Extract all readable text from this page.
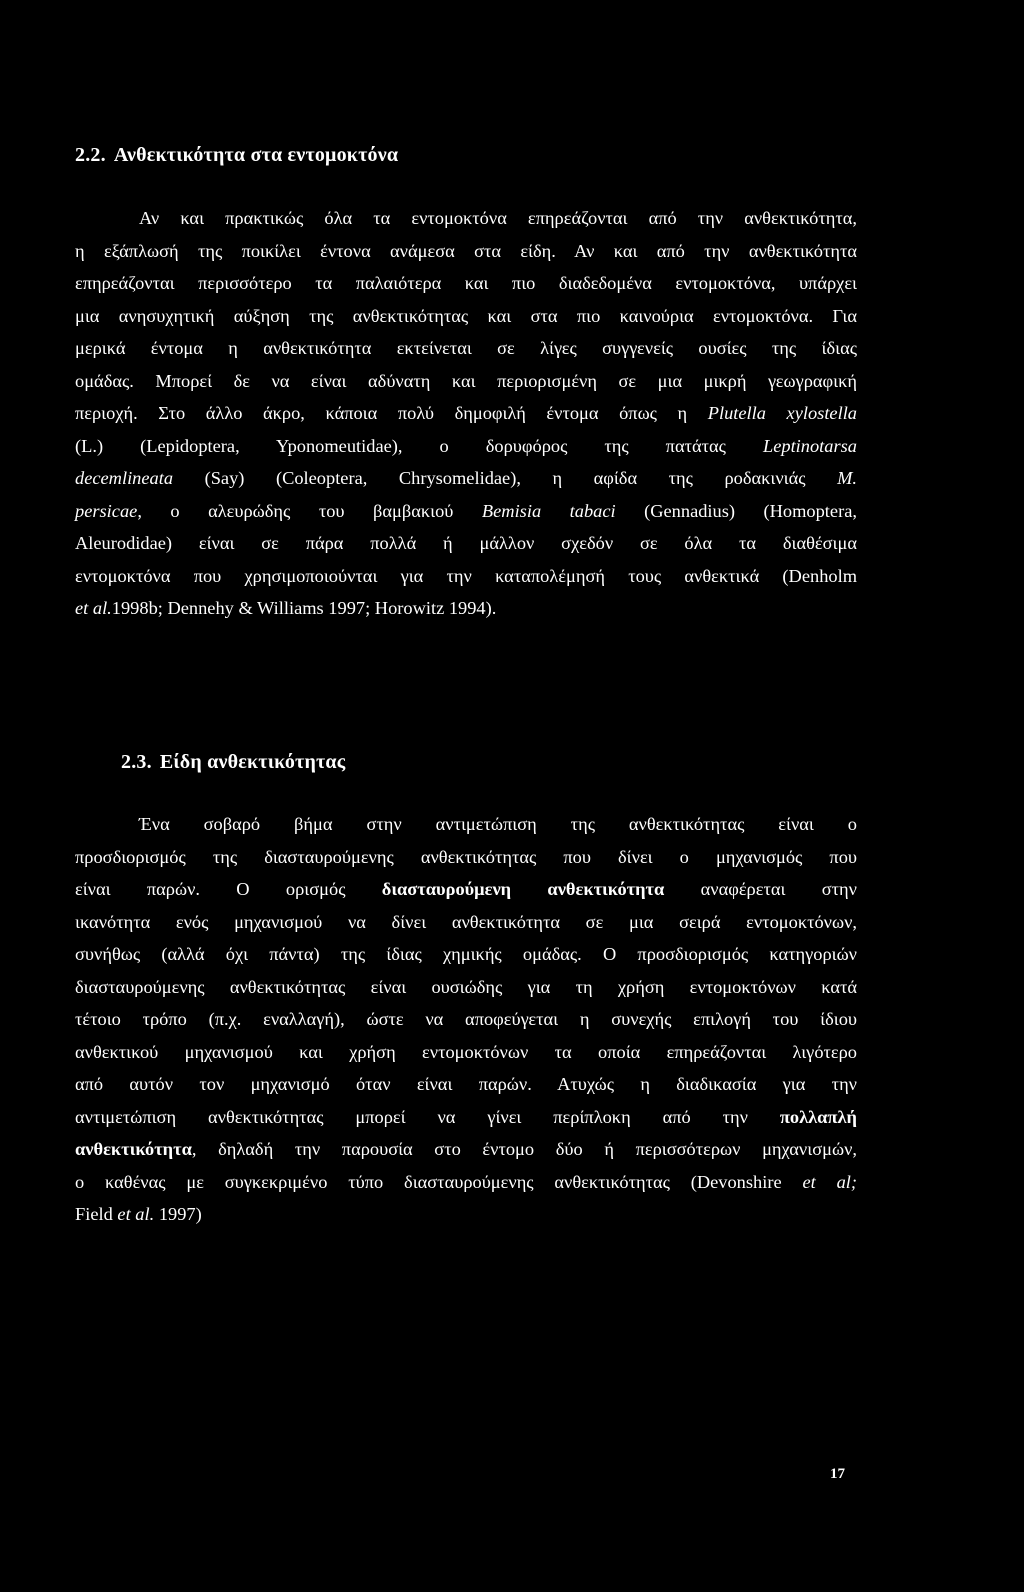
2.2. Ανθεκτικότητα στα εντομοκτόνα
Αν και πρακτικώς όλα τα εντομοκτόνα επηρεάζονται από την ανθεκτικότητα,
η εξάπλωσή της ποικίλει έντονα ανάμεσα στα είδη. Αν και από την ανθεκτικότητα
επηρεάζονται περισσότερο τα παλαιότερα και πιο διαδεδομένα εντομοκτόνα, υπάρχει
μια ανησυχητική αύξηση της ανθεκτικότητας και στα πιο καινούρια εντομοκτόνα. Για
μερικά έντομα η ανθεκτικότητα εκτείνεται σε λίγες συγγενείς ουσίες της ίδιας
ομάδας. Μπορεί δε να είναι αδύνατη και περιορισμένη σε μια μικρή γεωγραφική
περιοχή. Στο άλλο άκρο, κάποια πολύ δημοφιλή έντομα όπως η Plutella xylostella
(L.) (Lepidoptera, Yponomeutidae), ο δορυφόρος της πατάτας Leptinotarsa
decemlineata (Say) (Coleoptera, Chrysomelidae), η αφίδα της ροδακινιάς M.
persicae, ο αλευρώδης του βαμβακιού Bemisia tabaci (Gennadius) (Homoptera,
Aleurodidae) είναι σε πάρα πολλά ή μάλλον σχεδόν σε όλα τα διαθέσιμα
εντομοκτόνα που χρησιμοποιούνται για την καταπολέμησή τους ανθεκτικά (Denholm
et al.1998b; Dennehy & Williams 1997; Horowitz 1994).
2.3. Είδη ανθεκτικότητας
Ένα σοβαρό βήμα στην αντιμετώπιση της ανθεκτικότητας είναι ο
προσδιορισμός της διασταυρούμενης ανθεκτικότητας που δίνει ο μηχανισμός που
είναι παρών. Ο ορισμός διασταυρούμενη ανθεκτικότητα αναφέρεται στην
ικανότητα ενός μηχανισμού να δίνει ανθεκτικότητα σε μια σειρά εντομοκτόνων,
συνήθως (αλλά όχι πάντα) της ίδιας χημικής ομάδας. Ο προσδιορισμός κατηγοριών
διασταυρούμενης ανθεκτικότητας είναι ουσιώδης για τη χρήση εντομοκτόνων κατά
τέτοιο τρόπο (π.χ. εναλλαγή), ώστε να αποφεύγεται η συνεχής επιλογή του ίδιου
ανθεκτικού μηχανισμού και χρήση εντομοκτόνων τα οποία επηρεάζονται λιγότερο
από αυτόν τον μηχανισμό όταν είναι παρών. Ατυχώς η διαδικασία για την
αντιμετώπιση ανθεκτικότητας μπορεί να γίνει περίπλοκη από την πολλαπλή
ανθεκτικότητα, δηλαδή την παρουσία στο έντομο δύο ή περισσότερων μηχανισμών,
ο καθένας με συγκεκριμένο τύπο διασταυρούμενης ανθεκτικότητας (Devonshire et al;
Field et al. 1997)

17
